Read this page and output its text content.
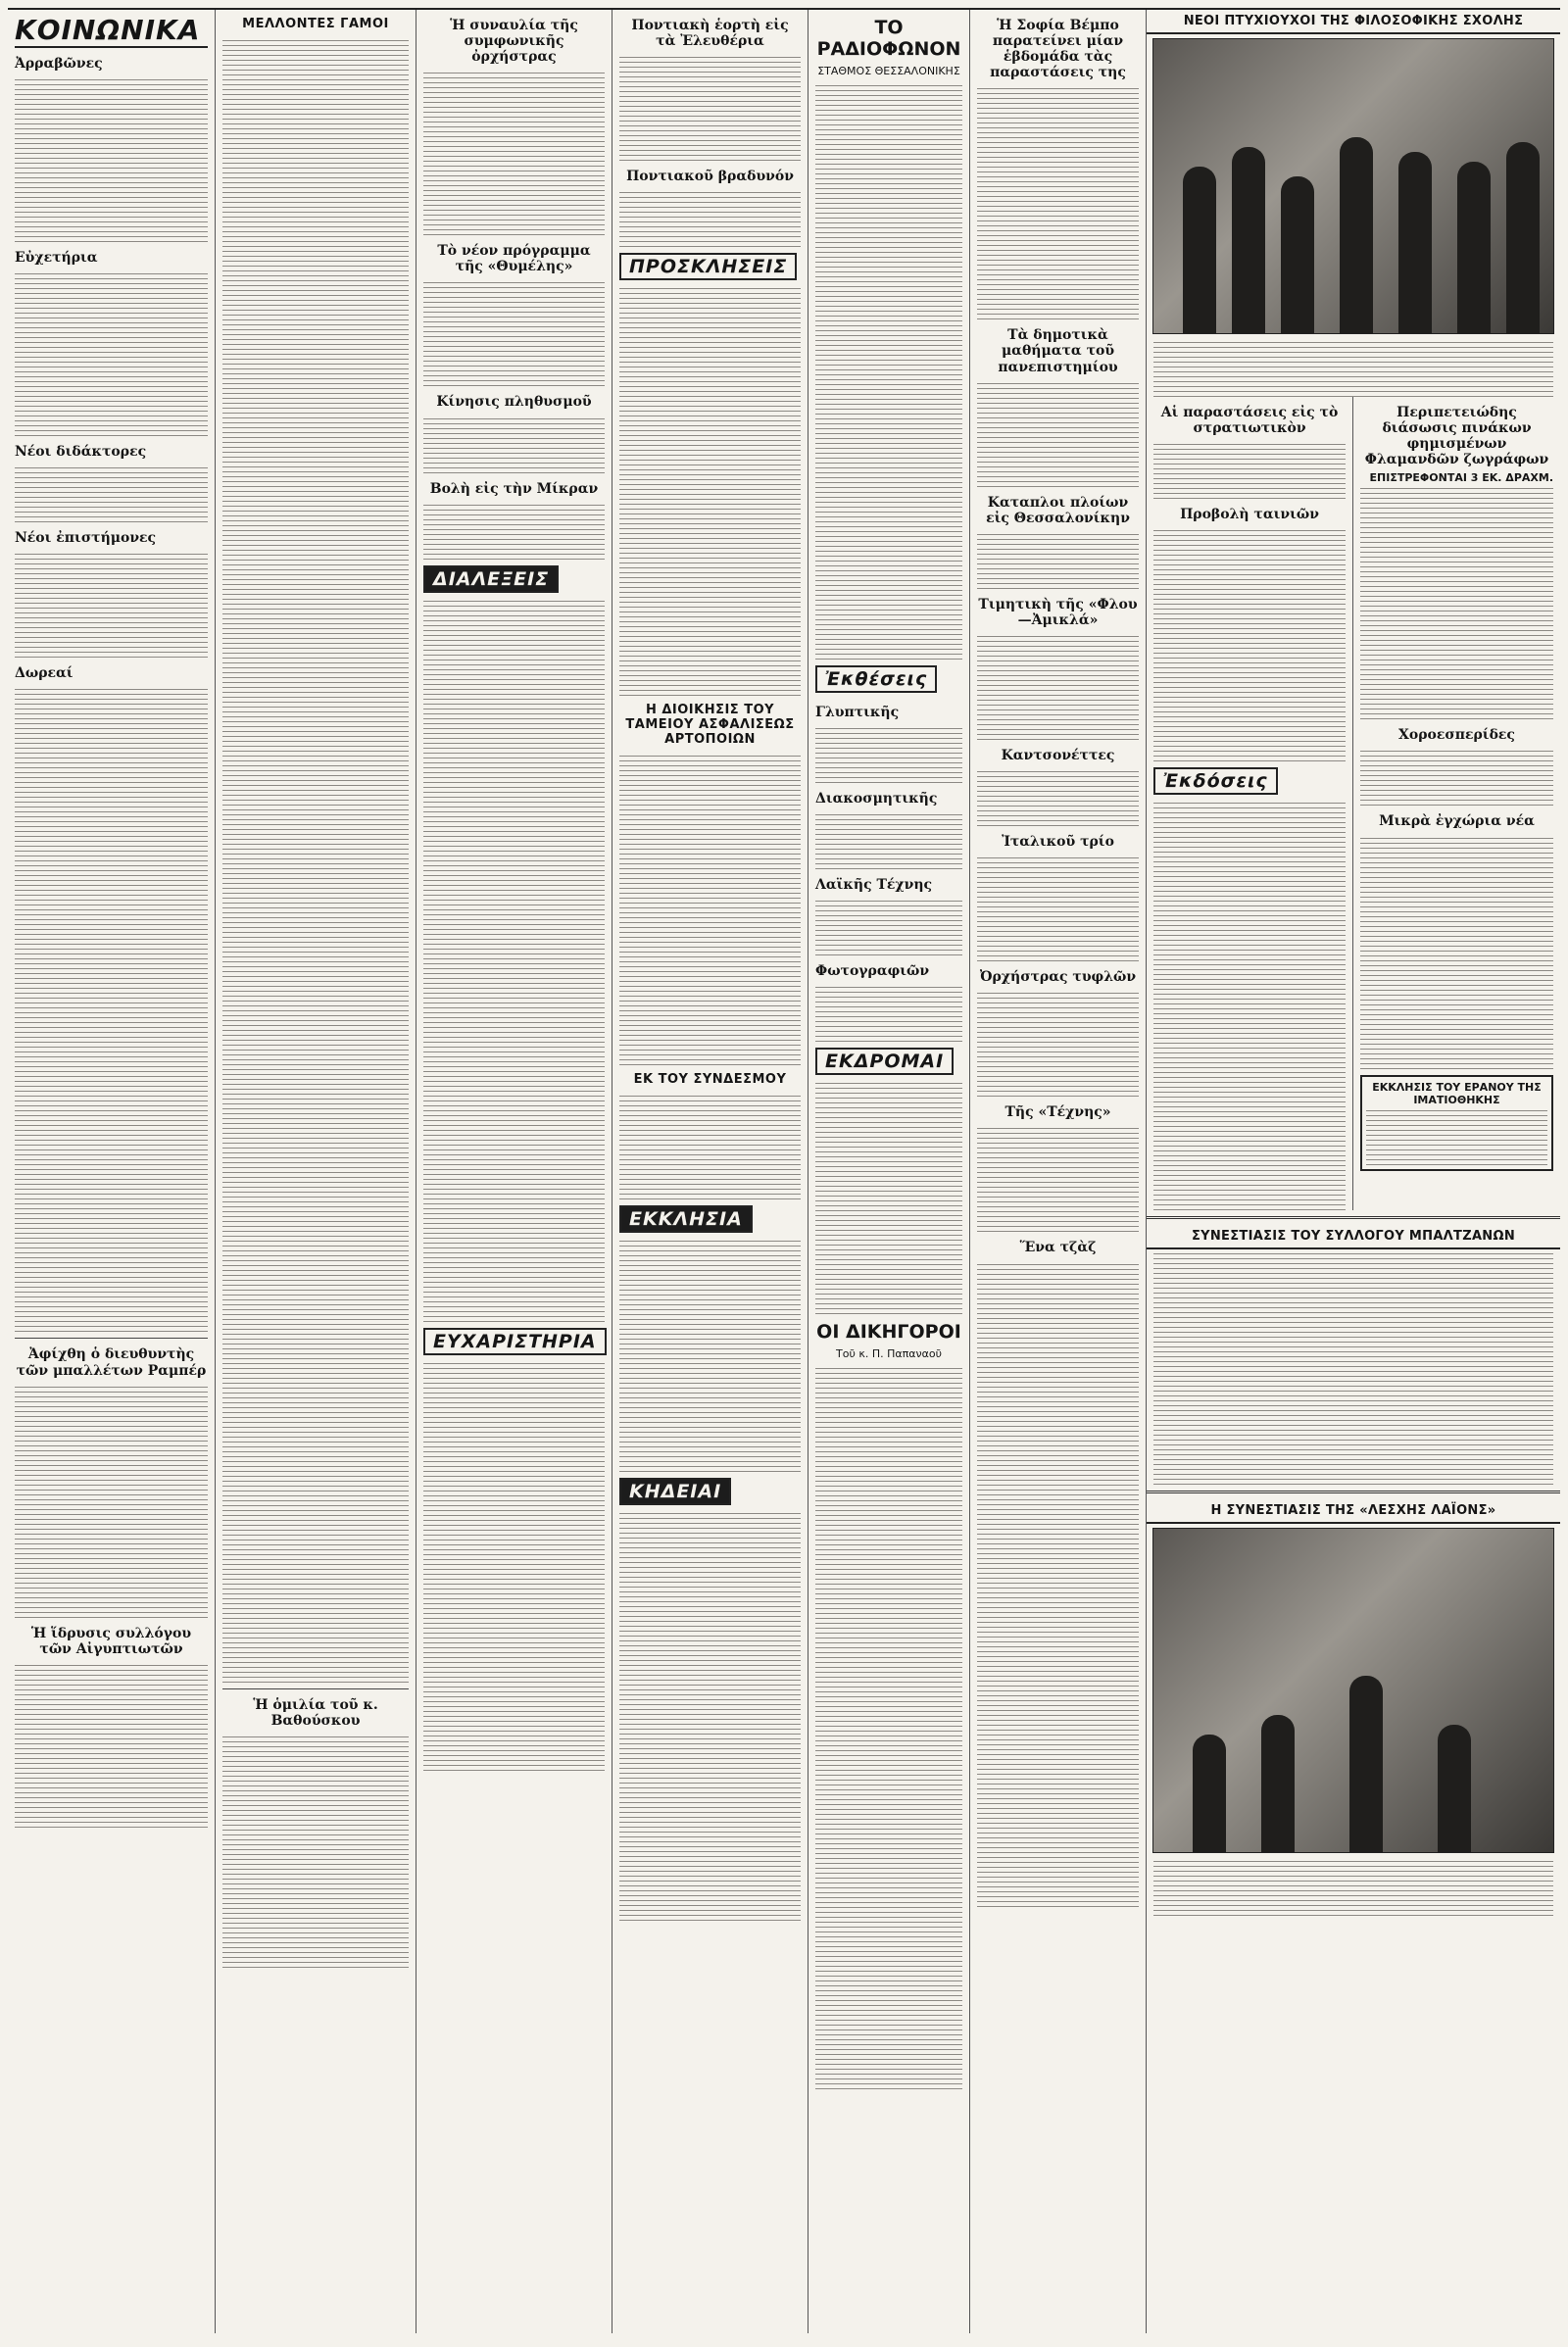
ΚΟΙΝΩΝΙΚΑ
Ἀρραβῶνες
Εὐχετήρια
Νέοι διδάκτορες
Νέοι ἐπιστήμονες
Δωρεαί
Ἀφίχθη ὁ διευθυντὴς τῶν μπαλλέτων Ραμπέρ
Ἡ ἵδρυσις συλλόγου τῶν Αἰγυπτιωτῶν
ΜΕΛΛΟΝΤΕΣ ΓΑΜΟΙ
Ἡ ὁμιλία τοῦ κ. Βαθούσκου
Ἡ συναυλία τῆς συμφωνικῆς ὀρχήστρας
Τὸ νέον πρόγραμμα τῆς «Θυμέλης»
Κίνησις πληθυσμοῦ
Βολὴ εἰς τὴν Μίκραν
ΔΙΑΛΕΞΕΙΣ
ΕΥΧΑΡΙΣΤΗΡΙΑ
Ποντιακὴ ἑορτὴ εἰς τὰ Ἐλευθέρια
Ποντιακοῦ βραδυνόν
ΠΡΟΣΚΛΗΣΕΙΣ
Η ΔΙΟΙΚΗΣΙΣ ΤΟΥ ΤΑΜΕΙΟΥ ΑΣΦΑΛΙΣΕΩΣ ΑΡΤΟΠΟΙΩΝ
ΕΚ ΤΟΥ ΣΥΝΔΕΣΜΟΥ
ΕΚΚΛΗΣΙΑ
ΚΗΔΕΙΑΙ
ΤΟ ΡΑΔΙΟΦΩΝΟΝ
ΣΤΑΘΜΟΣ ΘΕΣΣΑΛΟΝΙΚΗΣ
Ἐκθέσεις
Γλυπτικῆς
Διακοσμητικῆς
Λαϊκῆς Τέχνης
Φωτογραφιῶν
ΕΚΔΡΟΜΑΙ
ΟΙ ΔΙΚΗΓΟΡΟΙ
Τοῦ κ. Π. Παπαναοῦ
Ἡ Σοφία Βέμπο παρατείνει μίαν ἑβδομάδα τὰς παραστάσεις της
Τὰ δημοτικὰ μαθήματα τοῦ πανεπιστημίου
Καταπλοι πλοίων εἰς Θεσσαλονίκην
Τιμητικὴ τῆς «Φλου—Ἀμικλά»
Καντσονέττες
Ἰταλικοῦ τρίο
Ὀρχήστρας τυφλῶν
Τῆς «Τέχνης»
Ἕνα τζὰζ
ΝΕΟΙ ΠΤΥΧΙΟΥΧΟΙ ΤΗΣ ΦΙΛΟΣΟΦΙΚΗΣ ΣΧΟΛΗΣ
Αἱ παραστάσεις εἰς τὸ στρατιωτικὸν
Προβολὴ ταινιῶν
Ἐκδόσεις
Περιπετειώδης διάσωσις πινάκων φημισμένων Φλαμανδῶν ζωγράφων
ΕΠΙΣΤΡΕΦΟΝΤΑΙ 3 ΕΚ. ΔΡΑΧΜ.
Χοροεσπερίδες
Μικρὰ ἐγχώρια νέα
ΕΚΚΛΗΣΙΣ ΤΟΥ ΕΡΑΝΟΥ ΤΗΣ ΙΜΑΤΙΟΘΗΚΗΣ
ΣΥΝΕΣΤΙΑΣΙΣ ΤΟΥ ΣΥΛΛΟΓΟΥ ΜΠΑΛΤΖΑΝΩΝ
Η ΣΥΝΕΣΤΙΑΣΙΣ ΤΗΣ «ΛΕΣΧΗΣ ΛΑΪΟΝΣ»
